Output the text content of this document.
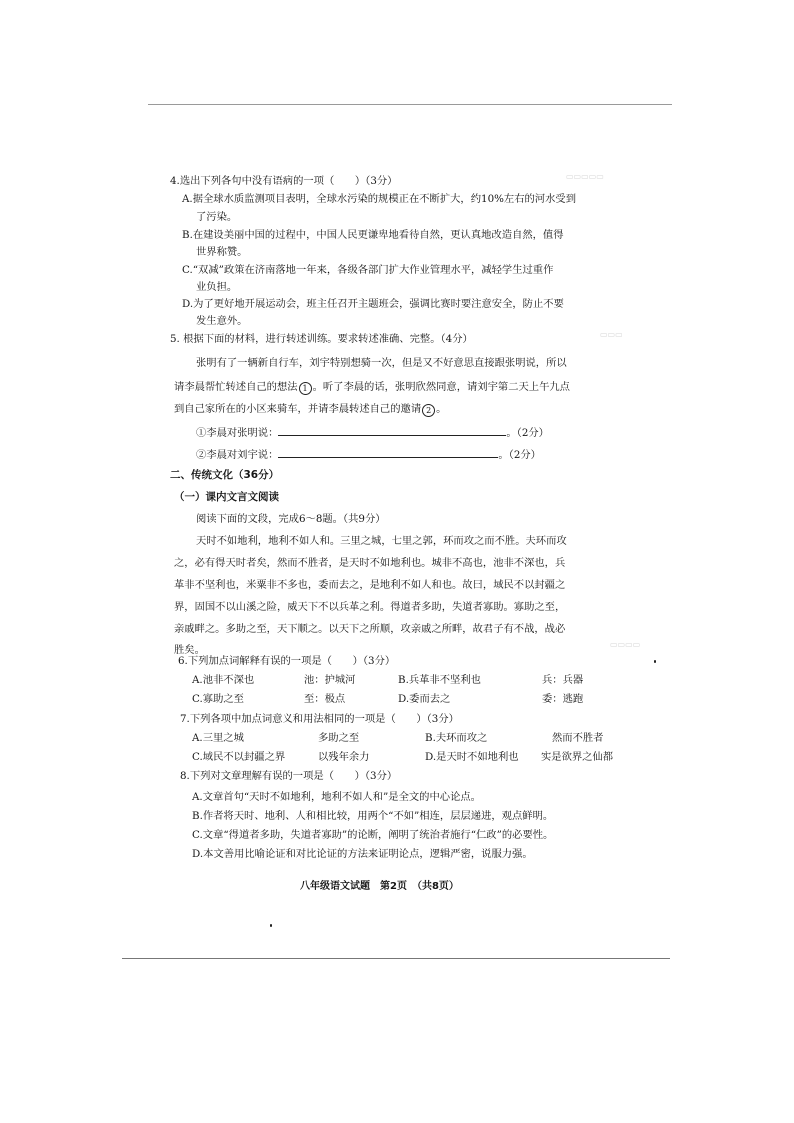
▭▭▭▭▭
▭▭▭
▭▭▭▭
4.选出下列各句中没有语病的一项（　　）（3分）
A.据全球水质监测项目表明，全球水污染的规模正在不断扩大，约10%左右的河水受到
了污染。
B.在建设美丽中国的过程中，中国人民更谦卑地看待自然，更认真地改造自然，值得
世界称赞。
C.“双减”政策在济南落地一年来，各级各部门扩大作业管理水平，减轻学生过重作
业负担。
D.为了更好地开展运动会，班主任召开主题班会，强调比赛时要注意安全，防止不要
发生意外。
5. 根据下面的材料，进行转述训练。要求转述准确、完整。（4分）
张明有了一辆新自行车，刘宇特别想骑一次，但是又不好意思直接跟张明说，所以
请李晨帮忙转述自己的想法 1 。听了李晨的话，张明欣然同意，请刘宇第二天上午九点
到自己家所在的小区来骑车，并请李晨转述自己的邀请 2 。
①李晨对张明说：	。（2分）
②李晨对刘宇说：	。（2分）
二、传统文化（36分）
（一）课内文言文阅读
阅读下面的文段，完成6～8题。（共9分）
天时不如地利，地利不如人和。三里之城，七里之郭，环而攻之而不胜。夫环而攻
之，必有得天时者矣，然而不胜者，是天时不如地利也。城非不高也，池非不深也，兵
革非不坚利也，米粟非不多也，委而去之，是地利不如人和也。故曰，域民不以封疆之
界，固国不以山溪之险，威天下不以兵革之利。得道者多助，失道者寡助。寡助之至，
亲戚畔之。多助之至，天下顺之。以天下之所顺，攻亲戚之所畔，故君子有不战，战必
胜矣。
6.下列加点词解释有误的一项是（　　）（3分）
A.池非不深也	池：护城河	B.兵革非不坚利也	兵：兵器
C.寡助之至	至：极点	D.委而去之	委：逃跑
7.下列各项中加点词意义和用法相同的一项是（　　）（3分）
A.三里之城	多助之至	B.夫环而攻之	然而不胜者
C.域民不以封疆之界	以残年余力	D.是天时不如地利也 实是欲界之仙都
8.下列对文章理解有误的一项是（　　）（3分）
A.文章首句“天时不如地利，地利不如人和”是全文的中心论点。
B.作者将天时、地利、人和相比较，用两个“不如”相连，层层递进，观点鲜明。
C.文章“得道者多助，失道者寡助”的论断，阐明了统治者施行“仁政”的必要性。
D.本文善用比喻论证和对比论证的方法来证明论点，逻辑严密，说服力强。
八年级语文试题　第2页　（共8页）
